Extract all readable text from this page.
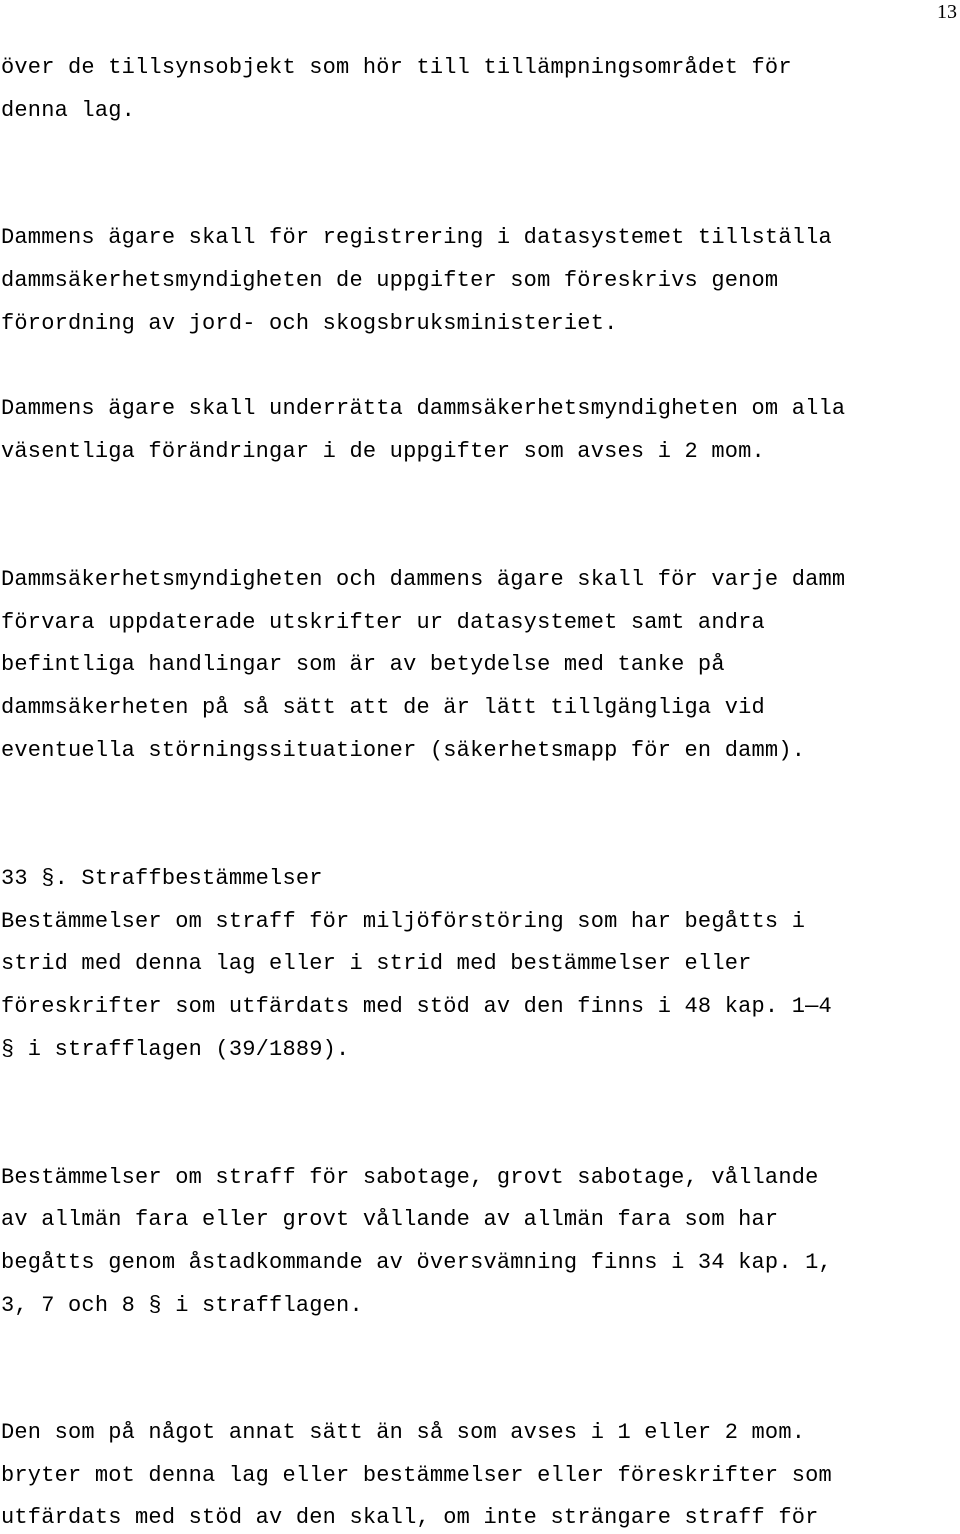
13

över de tillsynsobjekt som hör till tillämpningsområdet för

denna lag.

Dammens ägare skall för registrering i datasystemet tillställa

dammsäkerhetsmyndigheten de uppgifter som föreskrivs genom

förordning av jord- och skogsbruksministeriet.

Dammens ägare skall underrätta dammsäkerhetsmyndigheten om alla

väsentliga förändringar i de uppgifter som avses i 2 mom.

Dammsäkerhetsmyndigheten och dammens ägare skall för varje damm

förvara uppdaterade utskrifter ur datasystemet samt andra

befintliga handlingar som är av betydelse med tanke på

dammsäkerheten på så sätt att de är lätt tillgängliga vid

eventuella störningssituationer (säkerhetsmapp för en damm).

33 §. Straffbestämmelser

Bestämmelser om straff för miljöförstöring som har begåtts i

strid med denna lag eller i strid med bestämmelser eller

föreskrifter som utfärdats med stöd av den finns i 48 kap. 1—4

§ i strafflagen (39/1889).

Bestämmelser om straff för sabotage, grovt sabotage, vållande

av allmän fara eller grovt vållande av allmän fara som har

begåtts genom åstadkommande av översvämning finns i 34 kap. 1,

3, 7 och 8 § i strafflagen.

Den som på något annat sätt än så som avses i 1 eller 2 mom.

bryter mot denna lag eller bestämmelser eller föreskrifter som

utfärdats med stöd av den skall, om inte strängare straff för
